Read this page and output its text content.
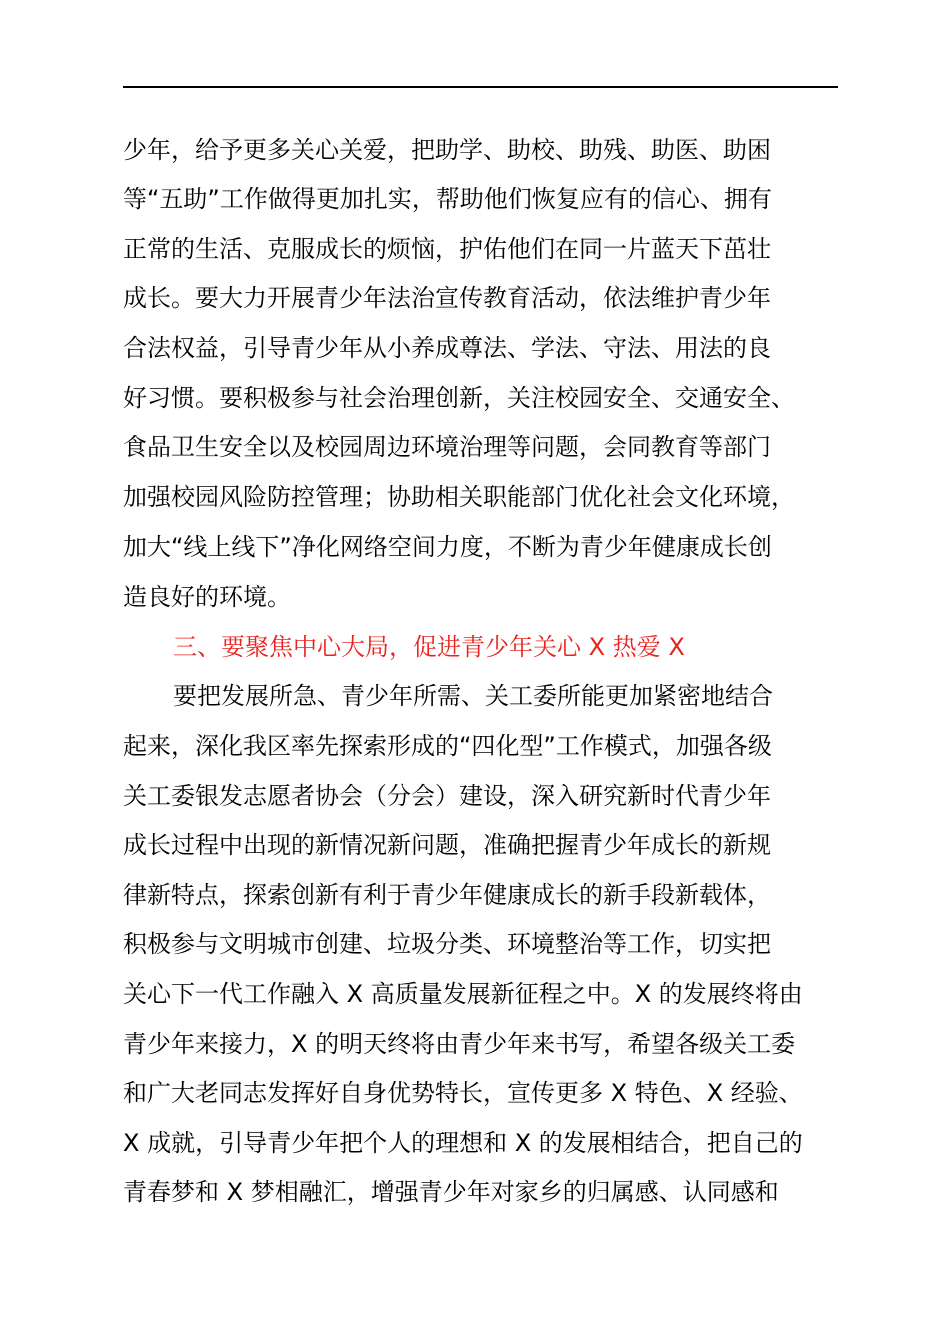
少年，给予更多关心关爱，把助学、助校、助残、助医、助困
等“五助”工作做得更加扎实，帮助他们恢复应有的信心、拥有
正常的生活、克服成长的烦恼，护佑他们在同一片蓝天下茁壮
成长。要大力开展青少年法治宣传教育活动，依法维护青少年
合法权益，引导青少年从小养成尊法、学法、守法、用法的良
好习惯。要积极参与社会治理创新，关注校园安全、交通安全、
食品卫生安全以及校园周边环境治理等问题，会同教育等部门
加强校园风险防控管理；协助相关职能部门优化社会文化环境，
加大“线上线下”净化网络空间力度，不断为青少年健康成长创
造良好的环境。
三、要聚焦中心大局，促进青少年关心 X 热爱 X
要把发展所急、青少年所需、关工委所能更加紧密地结合
起来，深化我区率先探索形成的“四化型”工作模式，加强各级
关工委银发志愿者协会（分会）建设，深入研究新时代青少年
成长过程中出现的新情况新问题，准确把握青少年成长的新规
律新特点，探索创新有利于青少年健康成长的新手段新载体，
积极参与文明城市创建、垃圾分类、环境整治等工作，切实把
关心下一代工作融入 X 高质量发展新征程之中。X 的发展终将由
青少年来接力，X 的明天终将由青少年来书写，希望各级关工委
和广大老同志发挥好自身优势特长，宣传更多 X 特色、X 经验、
X 成就，引导青少年把个人的理想和 X 的发展相结合，把自己的
青春梦和 X 梦相融汇，增强青少年对家乡的归属感、认同感和
